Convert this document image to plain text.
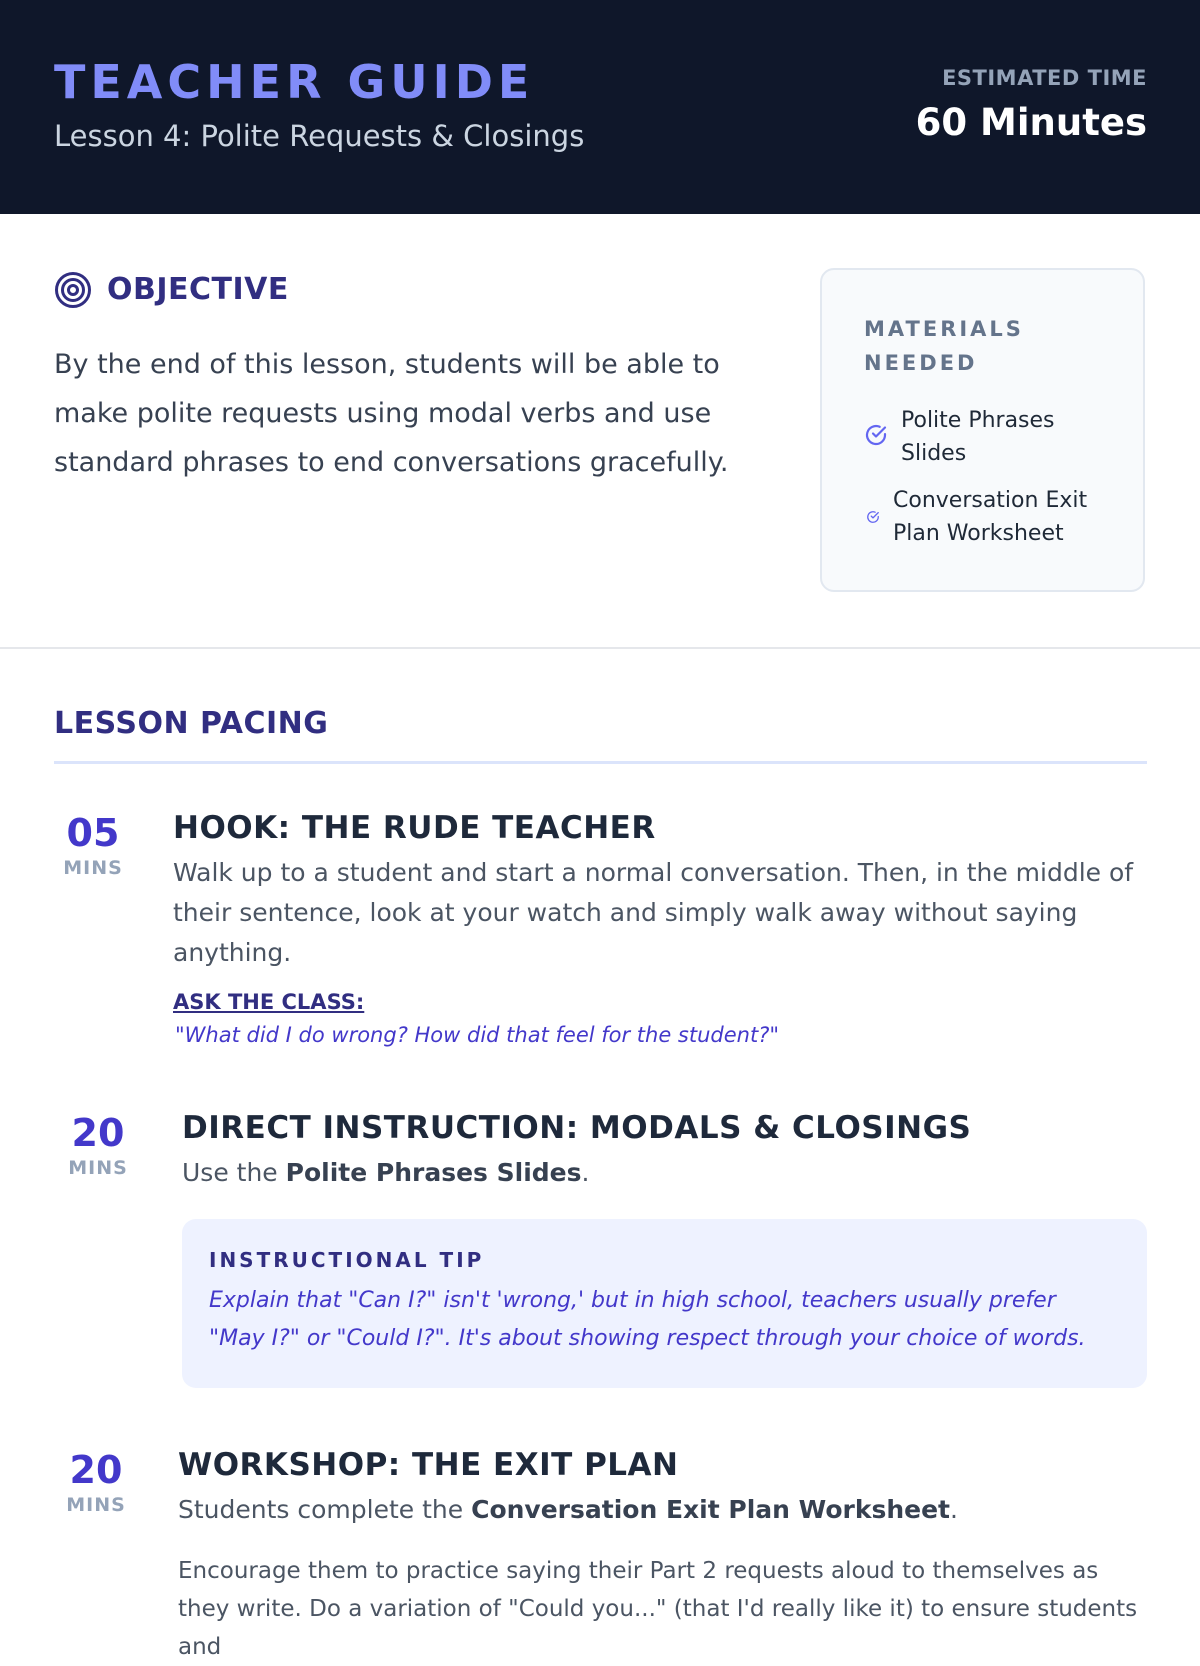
TEACHER GUIDE
Lesson 4: Polite Requests & Closings
ESTIMATED TIME
60 Minutes
OBJECTIVE

By the end of this lesson, students will be able to make polite requests using modal verbs and use standard phrases to end conversations gracefully.

MATERIALS NEEDED
Polite Phrases Slides
Conversation Exit Plan Worksheet
LESSON PACING
05
MINS
HOOK: THE RUDE TEACHER

Walk up to a student and start a normal conversation. Then, in the middle of their sentence, look at your watch and simply walk away without saying anything.

ASK THE CLASS:
"What did I do wrong? How did that feel for the student?"
20
MINS
DIRECT INSTRUCTION: MODALS & CLOSINGS

Use the Polite Phrases Slides.

INSTRUCTIONAL TIP

Explain that "Can I?" isn't 'wrong,' but in high school, teachers usually prefer "May I?" or "Could I?". It's about showing respect through your choice of words.

20
MINS
WORKSHOP: THE EXIT PLAN

Students complete the Conversation Exit Plan Worksheet.

Encourage them to practice saying their Part 2 requests aloud to themselves as they write. Do a variation of "Could you..." (that I'd really like it) to ensure students and
